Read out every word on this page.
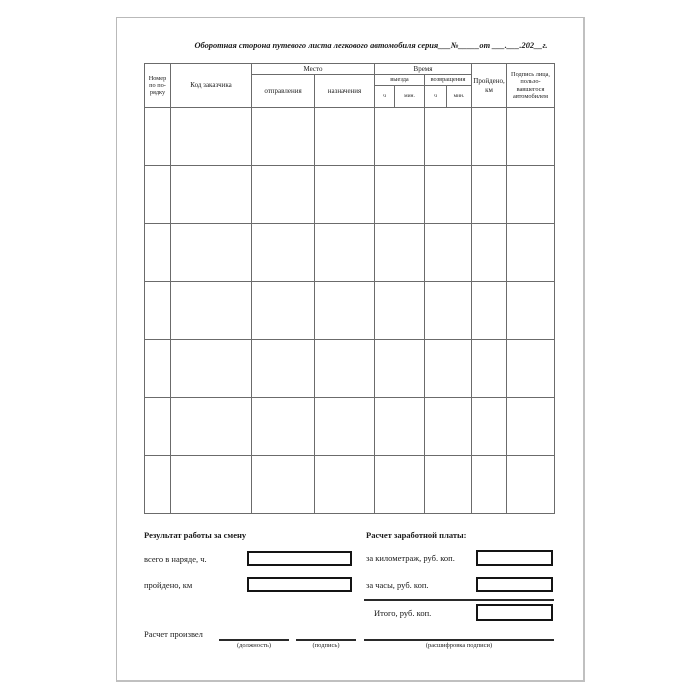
Оборотная сторона путевого листа легкового автомобиля серия___№_____от ___.___.202__г.
Номер по по-рядку	Код заказчика	Место		Время				Пройдено, км	Подпись лица, пользо-вавшегося автомобилем
		отправления	назначения	выезда		возвращения			
				ч	мин.	ч	мин.		

Результат работы за смену
всего в наряде, ч.
пройдено, км
Расчет заработной платы:
за километраж, руб. коп.
за часы, руб. коп.
Итого, руб. коп.
Расчет произвел
(должность)	(подпись)	(расшифровка подписи)
